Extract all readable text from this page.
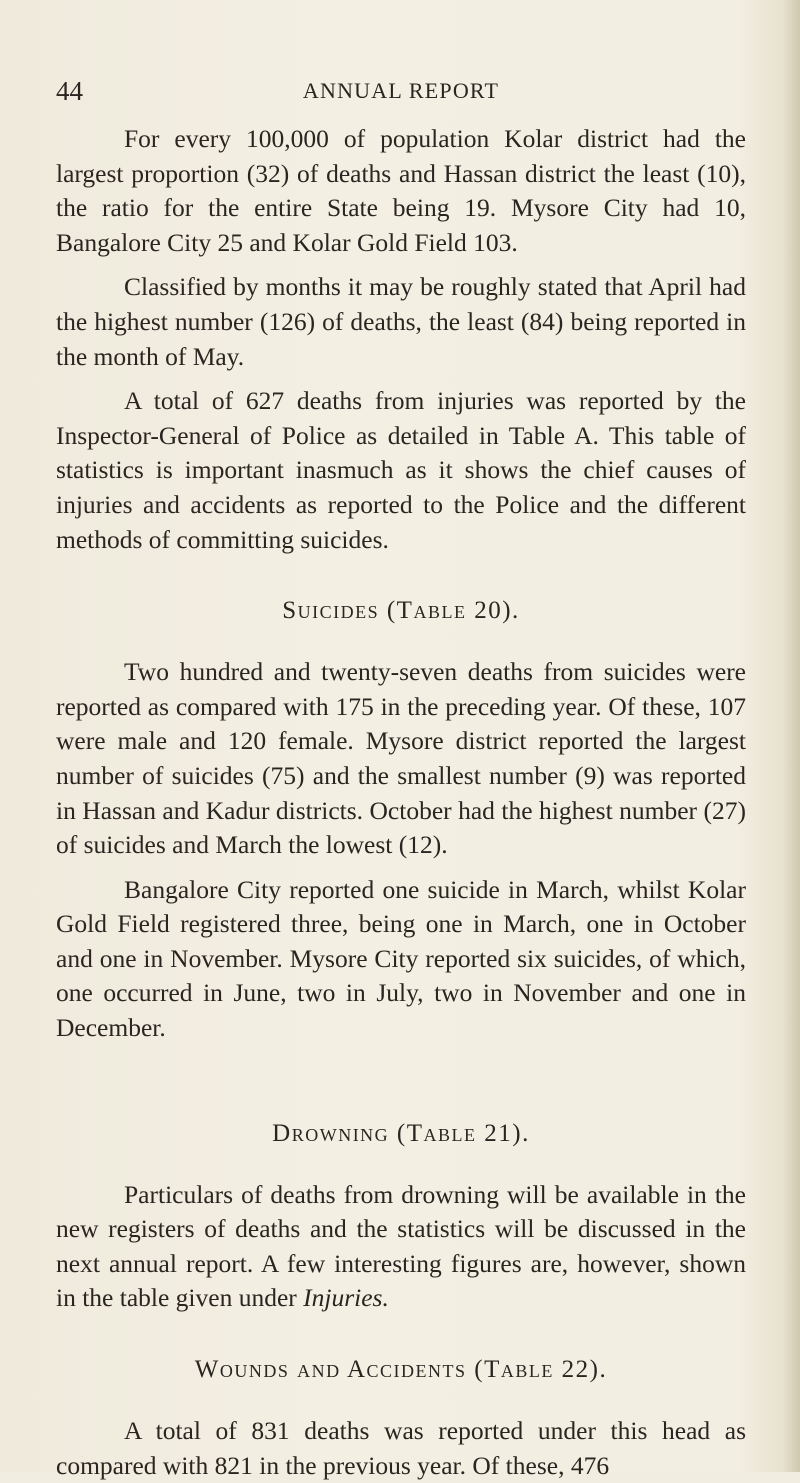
44	ANNUAL REPORT

For every 100,000 of population Kolar district had the largest proportion (32) of deaths and Hassan district the least (10), the ratio for the entire State being 19. Mysore City had 10, Bangalore City 25 and Kolar Gold Field 103.

Classified by months it may be roughly stated that April had the highest number (126) of deaths, the least (84) being reported in the month of May.

A total of 627 deaths from injuries was reported by the Inspector-General of Police as detailed in Table A. This table of statistics is important inasmuch as it shows the chief causes of injuries and accidents as reported to the Police and the different methods of committing suicides.

Suicides (Table 20).

Two hundred and twenty-seven deaths from suicides were reported as compared with 175 in the preceding year. Of these, 107 were male and 120 female. Mysore district reported the largest number of suicides (75) and the smallest number (9) was reported in Hassan and Kadur districts. October had the highest number (27) of suicides and March the lowest (12).

Bangalore City reported one suicide in March, whilst Kolar Gold Field registered three, being one in March, one in October and one in November. Mysore City reported six suicides, of which, one occurred in June, two in July, two in November and one in December.

Drowning (Table 21).

Particulars of deaths from drowning will be available in the new registers of deaths and the statistics will be discussed in the next annual report. A few interesting figures are, however, shown in the table given under Injuries.

Wounds and Accidents (Table 22).

A total of 831 deaths was reported under this head as compared with 821 in the previous year. Of these, 476
